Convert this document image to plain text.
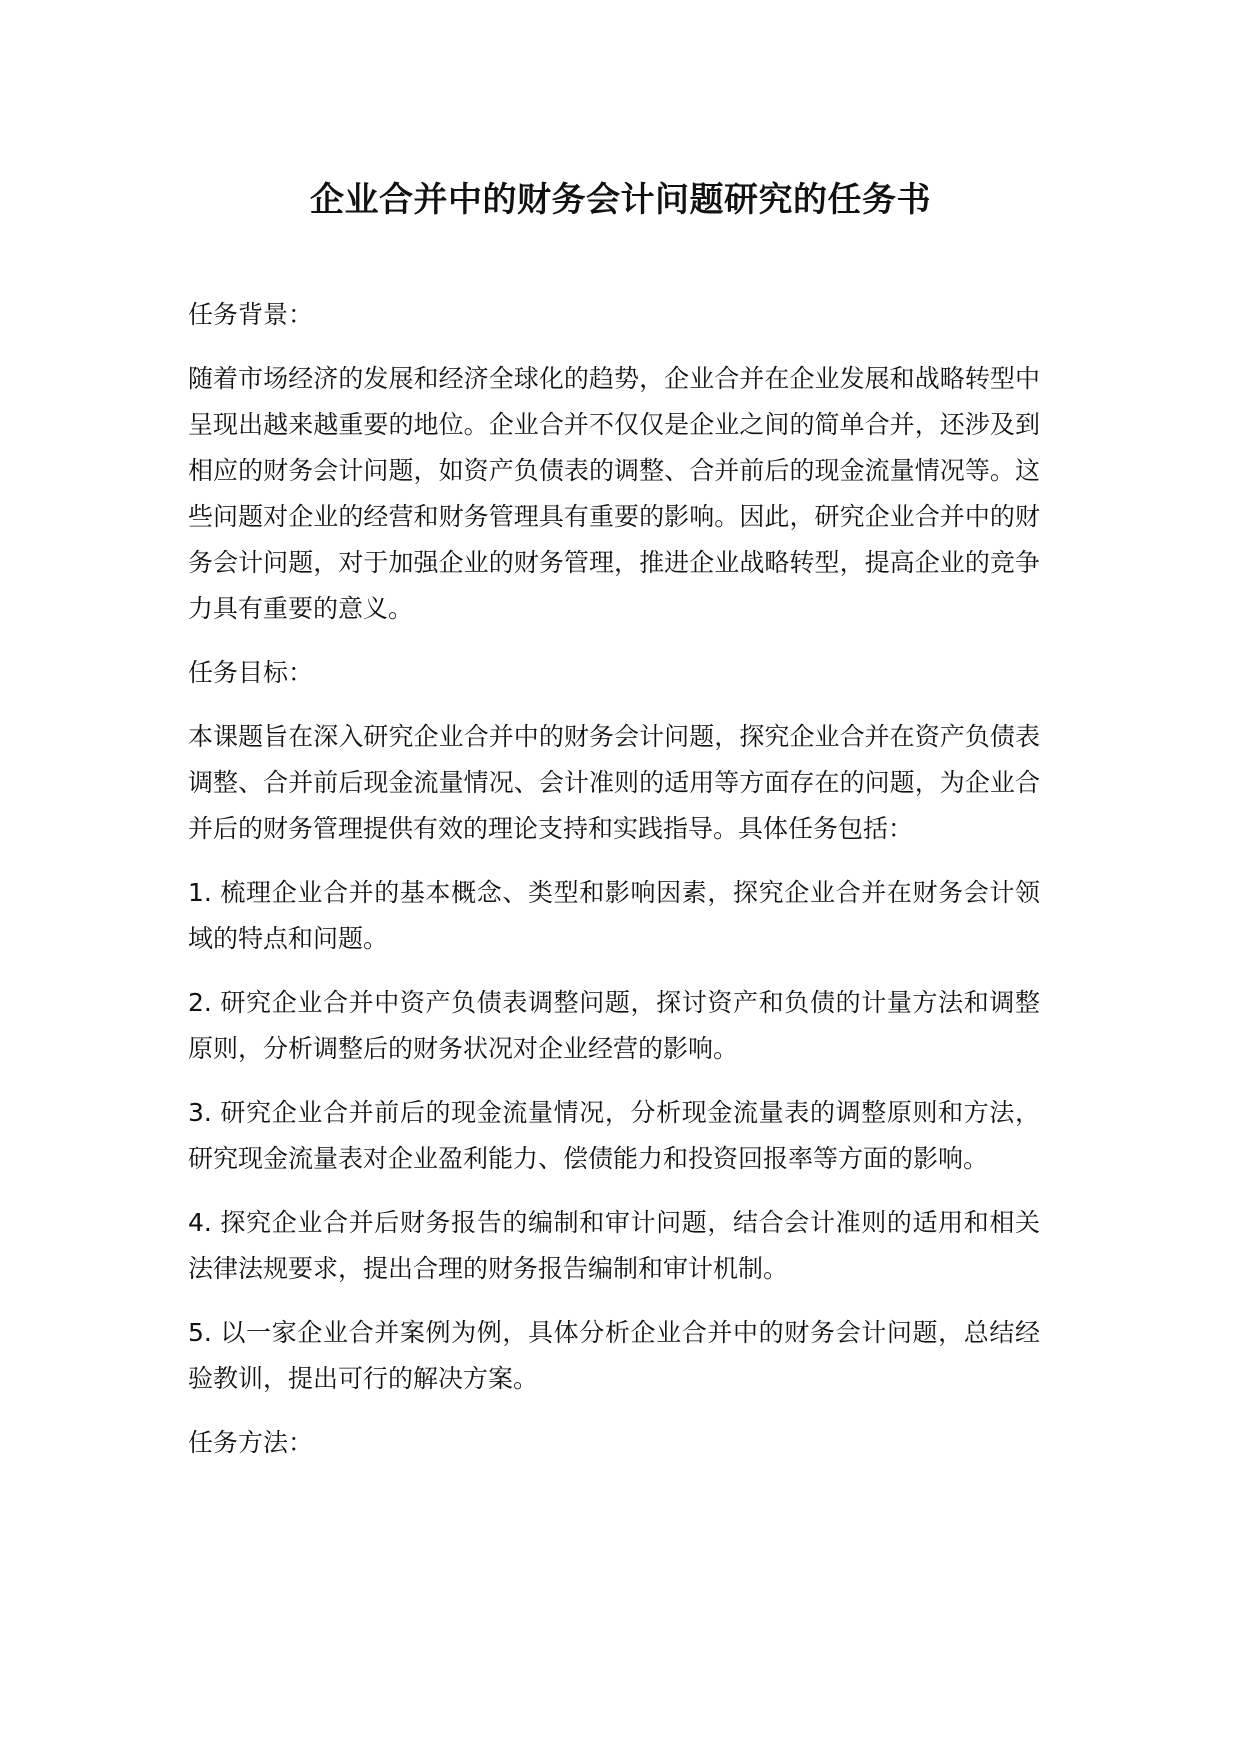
企业合并中的财务会计问题研究的任务书
任务背景：

随着市场经济的发展和经济全球化的趋势，企业合并在企业发展和战略转型中呈现出越来越重要的地位。企业合并不仅仅是企业之间的简单合并，还涉及到相应的财务会计问题，如资产负债表的调整、合并前后的现金流量情况等。这些问题对企业的经营和财务管理具有重要的影响。因此，研究企业合并中的财务会计问题，对于加强企业的财务管理，推进企业战略转型，提高企业的竞争力具有重要的意义。

任务目标：

本课题旨在深入研究企业合并中的财务会计问题，探究企业合并在资产负债表调整、合并前后现金流量情况、会计准则的适用等方面存在的问题，为企业合并后的财务管理提供有效的理论支持和实践指导。具体任务包括：

1. 梳理企业合并的基本概念、类型和影响因素，探究企业合并在财务会计领域的特点和问题。
2. 研究企业合并中资产负债表调整问题，探讨资产和负债的计量方法和调整原则，分析调整后的财务状况对企业经营的影响。
3. 研究企业合并前后的现金流量情况，分析现金流量表的调整原则和方法，研究现金流量表对企业盈利能力、偿债能力和投资回报率等方面的影响。
4. 探究企业合并后财务报告的编制和审计问题，结合会计准则的适用和相关法律法规要求，提出合理的财务报告编制和审计机制。
5. 以一家企业合并案例为例，具体分析企业合并中的财务会计问题，总结经验教训，提出可行的解决方案。
任务方法：
